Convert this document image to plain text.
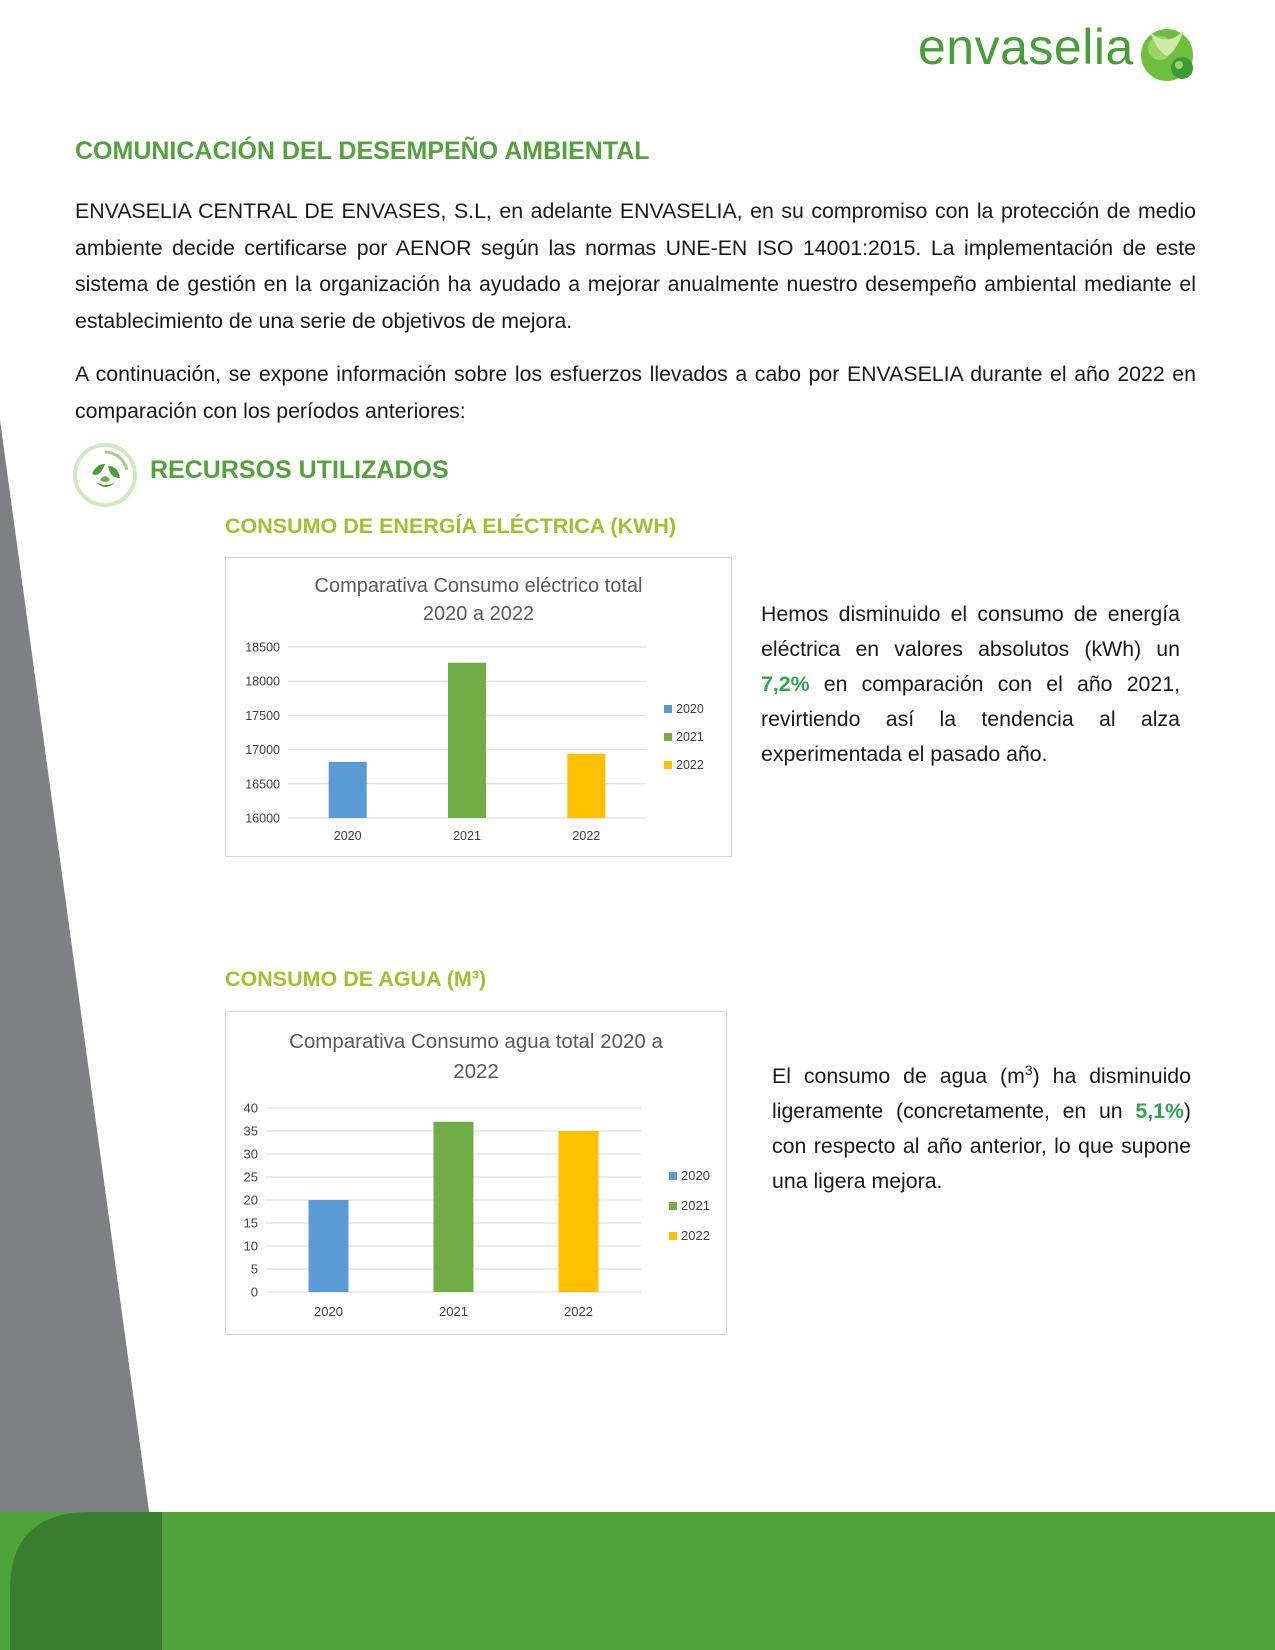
envaselia
COMUNICACIÓN DEL DESEMPEÑO AMBIENTAL

ENVASELIA CENTRAL DE ENVASES, S.L, en adelante ENVASELIA, en su compromiso con la protección de medio ambiente decide certificarse por AENOR según las normas UNE-EN ISO 14001:2015. La implementación de este sistema de gestión en la organización ha ayudado a mejorar anualmente nuestro desempeño ambiental mediante el establecimiento de una serie de objetivos de mejora.

A continuación, se expone información sobre los esfuerzos llevados a cabo por ENVASELIA durante el año 2022 en comparación con los períodos anteriores:

RECURSOS UTILIZADOS
CONSUMO DE ENERGÍA ELÉCTRICA (KWH)

Comparativa Consumo eléctrico total
2020 a 2022

16000
16500
17000
17500
18000
18500
2020	2021	2022
2020
2021
2022

Hemos disminuido el consumo de energía eléctrica en valores absolutos (kWh) un 7,2% en comparación con el año 2021, revirtiendo así la tendencia al alza experimentada el pasado año.

CONSUMO DE AGUA (M³)

Comparativa Consumo agua total 2020 a
2022

0
5
10
15
20
25
30
35
40
2020	2021	2022
2020
2021
2022

El consumo de agua $(m^3)$ ha disminuido ligeramente (concretamente, en un 5,1%) con respecto al año anterior, lo que supone una ligera mejora.
